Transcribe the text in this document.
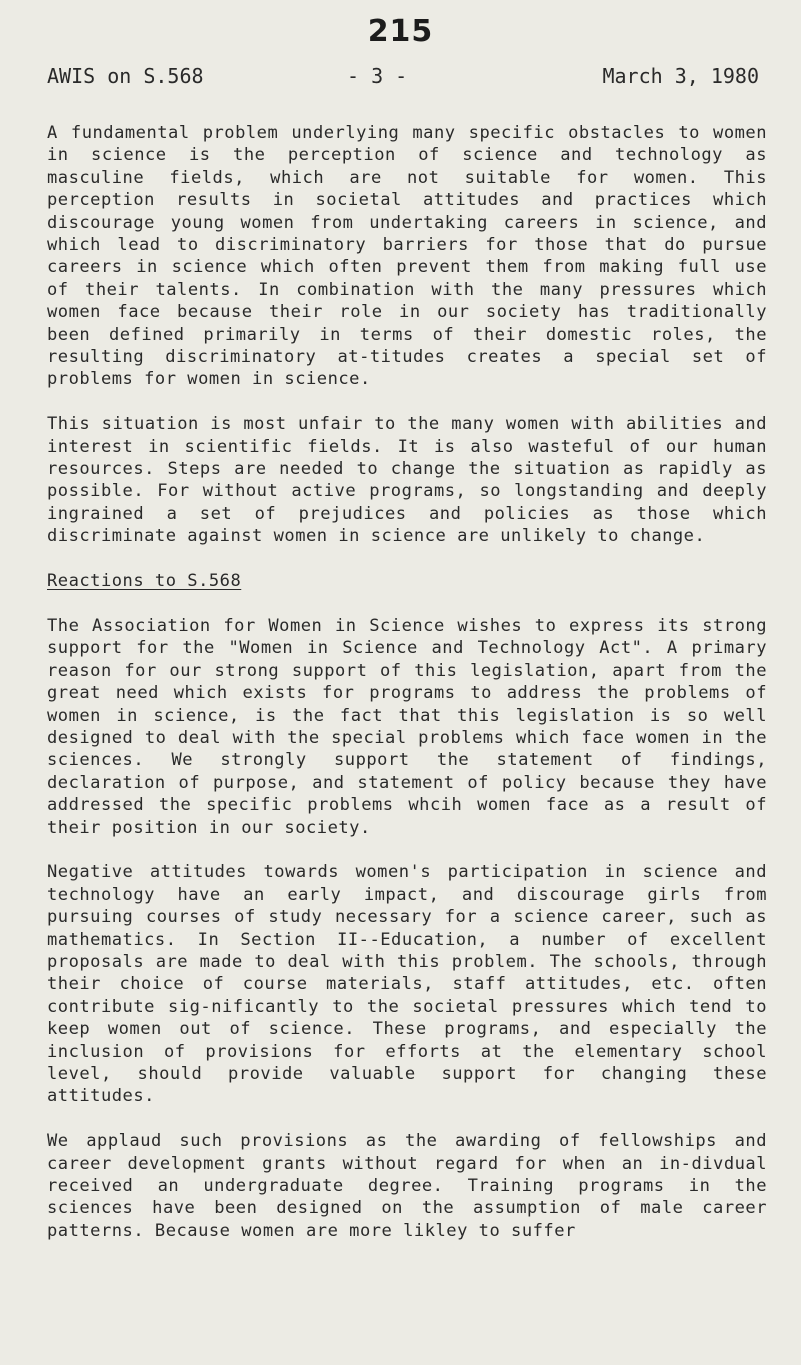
215
AWIS on S.568	- 3 -	March 3, 1980

A fundamental problem underlying many specific obstacles to women in science is the perception of science and technology as masculine fields, which are not suitable for women. This perception results in societal attitudes and practices which discourage young women from undertaking careers in science, and which lead to discriminatory barriers for those that do pursue careers in science which often prevent them from making full use of their talents. In combination with the many pressures which women face because their role in our society has traditionally been defined primarily in terms of their domestic roles, the resulting discriminatory at-titudes creates a special set of problems for women in science.

This situation is most unfair to the many women with abilities and interest in scientific fields. It is also wasteful of our human resources. Steps are needed to change the situation as rapidly as possible. For without active programs, so longstanding and deeply ingrained a set of prejudices and policies as those which discriminate against women in science are unlikely to change.

Reactions to S.568

The Association for Women in Science wishes to express its strong support for the "Women in Science and Technology Act". A primary reason for our strong support of this legislation, apart from the great need which exists for programs to address the problems of women in science, is the fact that this legislation is so well designed to deal with the special problems which face women in the sciences. We strongly support the statement of findings, declaration of purpose, and statement of policy because they have addressed the specific problems whcih women face as a result of their position in our society.

Negative attitudes towards women's participation in science and technology have an early impact, and discourage girls from pursuing courses of study necessary for a science career, such as mathematics. In Section II--Education, a number of excellent proposals are made to deal with this problem. The schools, through their choice of course materials, staff attitudes, etc. often contribute sig-nificantly to the societal pressures which tend to keep women out of science. These programs, and especially the inclusion of provisions for efforts at the elementary school level, should provide valuable support for changing these attitudes.

We applaud such provisions as the awarding of fellowships and career development grants without regard for when an in-divdual received an undergraduate degree. Training programs in the sciences have been designed on the assumption of male career patterns. Because women are more likley to suffer
